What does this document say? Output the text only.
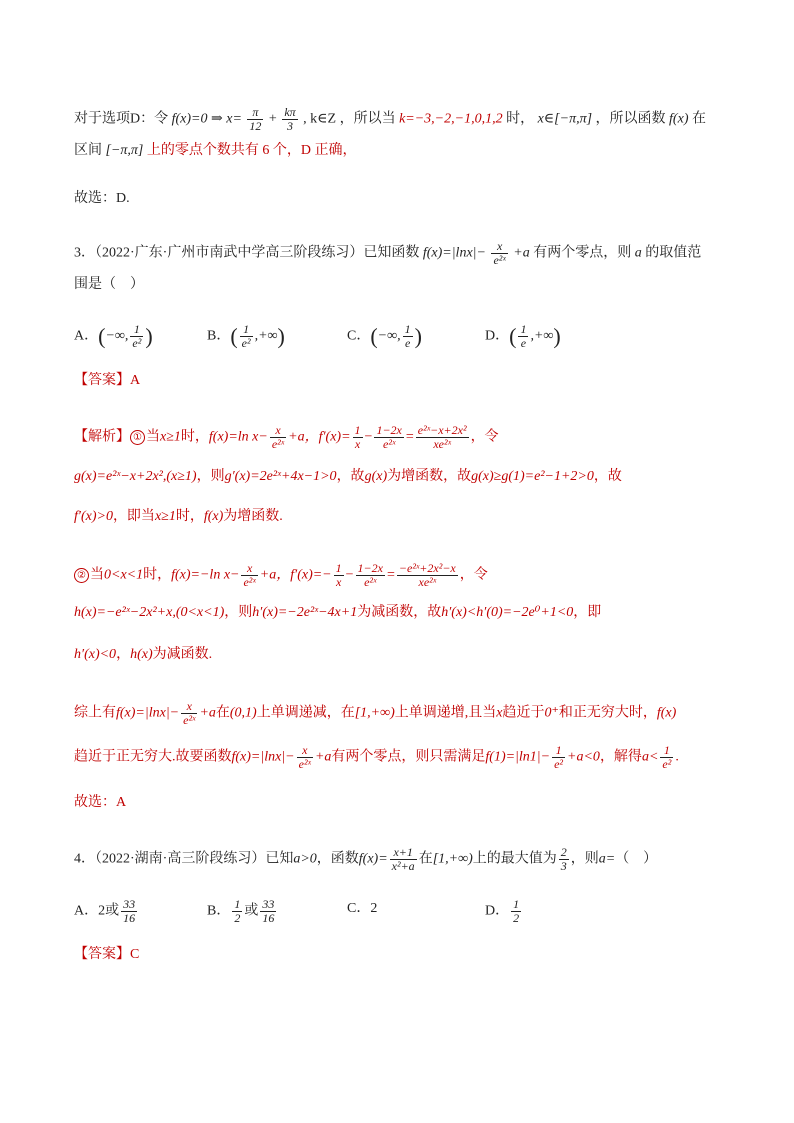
对于选项D：令 f(x)=0 ⇒ $x= \frac{\pi}{12} + \frac{k\pi}{3}$ , k∈Z ，所以当 k=−3,−2,−1,0,1,2 时， x∈[−π,π] ，所以函数 f(x) 在
区间 [−π,π] 上的零点个数共有 6 个，D 正确，
故选：D.
3．（2022·广东·广州市南武中学高三阶段练习）已知函数 $f(x)=|\ln x|- \frac{x}{\text{e²ˣ}} +a$ 有两个零点，则 a 的取值范
围是（　）
A．(−∞, $\frac{1}{\text{e²}}$ )	B．( $\frac{1}{\text{e²}}$ ,+∞)	C．(−∞, $\frac{1}{e}$ )	D．( $\frac{1}{e}$ ,+∞)
【答案】A
【解析】 ① 当x≥1时，f(x)=ln $x- \frac{x}{\text{e²ˣ}} +a$，$f'(x)= \frac{1}{x} - \frac{1-2x}{\text{e²ˣ}} = \frac{\text{e²ˣ−x+2x²}}{\text{xe²ˣ}}$ ，令
g(x)=e²ˣ−x+2x²,(x≥1)，则g′(x)=2e²ˣ+4x−1>0，故g(x)为增函数，故g(x)≥g(1)=e²−1+2>0，故
f′(x)>0，即当x≥1时，f(x)为增函数.
② 当0<x<1时，f(x)=−ln $x- \frac{x}{\text{e²ˣ}} +a$，$f'(x)=- \frac{1}{x} - \frac{1-2x}{\text{e²ˣ}} = \frac{\text{−e²ˣ+2x²−x}}{\text{xe²ˣ}}$ ，令
h(x)=−e²ˣ−2x²+x,(0<x<1)，则h′(x)=−2e²ˣ−4x+1为减函数，故h′(x)<h′(0)=−2e⁰+1<0，即
h′(x)<0，h(x)为减函数.
综上有$f(x)=|\ln x|- \frac{x}{\text{e²ˣ}} +a$在(0,1)上单调递减，在[1,+∞)上单调递增,且当x趋近于0⁺和正无穷大时，f(x)
趋近于正无穷大.故要函数$f(x)=|\ln x|- \frac{x}{\text{e²ˣ}} +a$有两个零点，则只需满足$f(1)=|\ln 1|- \frac{1}{\text{e²}} +a<0$，解得$a< \frac{1}{\text{e²}}$ .
故选：A
4．（2022·湖南·高三阶段练习）已知a>0，函数$f(x)= \frac{x+1}{\text{x²+a}}$ 在[1,+∞)上的最大值为 $\frac{2}{3}$ ，则a=（　）
A．2或 $\frac{33}{16}$	B． $\frac{1}{2}$ 或 $\frac{33}{16}$	C．2	D． $\frac{1}{2}$
【答案】C
